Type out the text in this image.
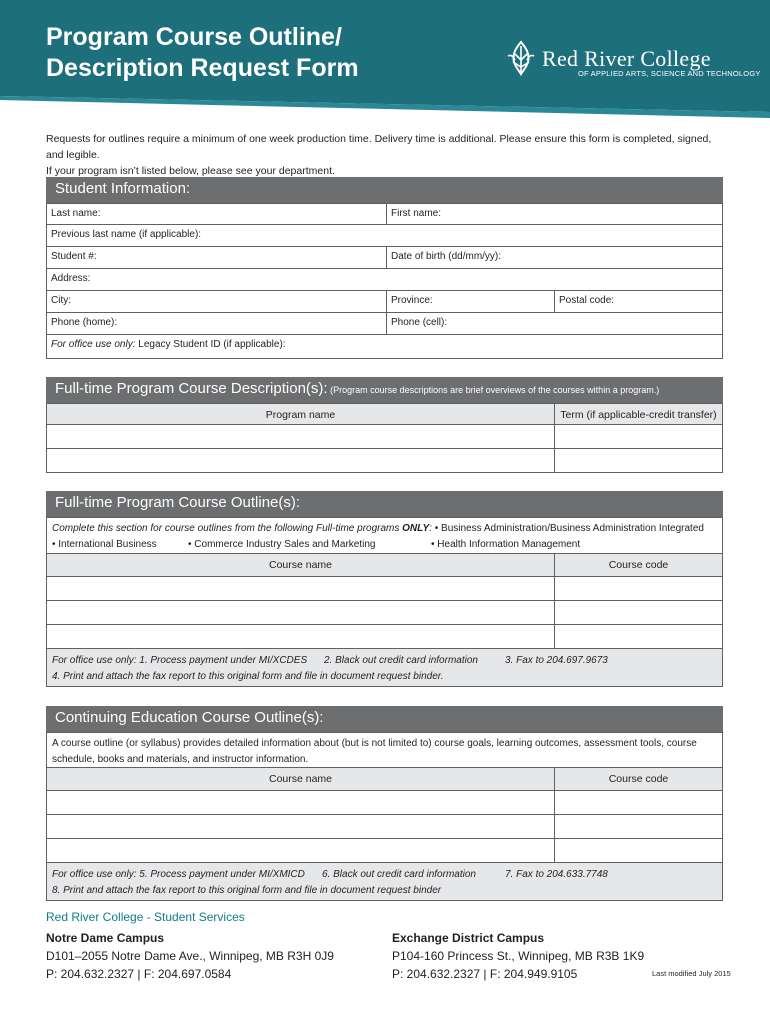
Program Course Outline/
Description Request Form	Red River College
OF APPLIED ARTS, SCIENCE AND TECHNOLOGY
Requests for outlines require a minimum of one week production time. Delivery time is additional. Please ensure this form is completed, signed, and legible.
If your program isn’t listed below, please see your department.
Student Information:
Last name:	First name:
Previous last name (if applicable):
Student #:	Date of birth (dd/mm/yy):
Address:
City:	Province:	Postal code:
Phone (home):	Phone (cell):
For office use only: Legacy Student ID (if applicable):
Full-time Program Course Description(s): (Program course descriptions are brief overviews of the courses within a program.)
Program name	Term (if applicable-credit transfer)
Full-time Program Course Outline(s):
Complete this section for course outlines from the following Full-time programs ONLY: • Business Administration/Business Administration Integrated
• International Business	• Commerce Industry Sales and Marketing	• Health Information Management
Course name	Course code
For office use only: 1. Process payment under MI/XCDES 2. Black out credit card information	3. Fax to 204.697.9673
4. Print and attach the fax report to this original form and file in document request binder.
Continuing Education Course Outline(s):
A course outline (or syllabus) provides detailed information about (but is not limited to) course goals, learning outcomes, assessment tools, course
schedule, books and materials, and instructor information.
Course name	Course code
For office use only: 5. Process payment under MI/XMICD 6. Black out credit card information	7. Fax to 204.633.7748
8. Print and attach the fax report to this original form and file in document request binder
Red River College - Student Services
Notre Dame Campus
D101–2055 Notre Dame Ave., Winnipeg, MB R3H 0J9
P: 204.632.2327 | F: 204.697.0584
Exchange District Campus
P104-160 Princess St., Winnipeg, MB R3B 1K9
P: 204.632.2327 | F: 204.949.9105	Last modified July 2015
